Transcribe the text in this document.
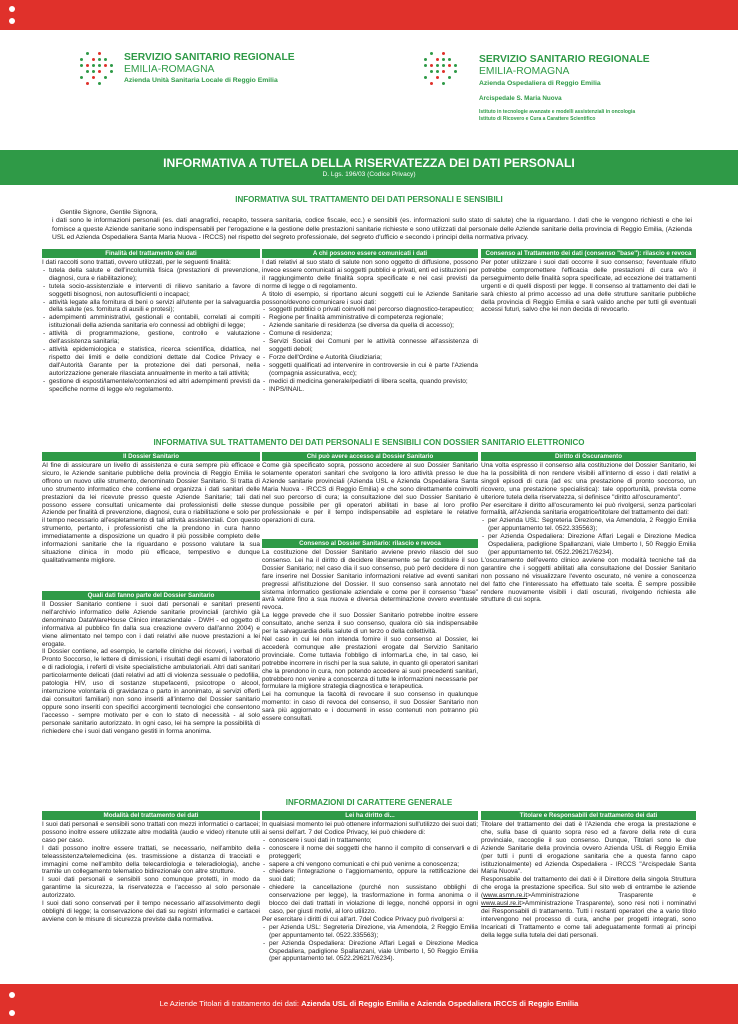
SERVIZIO SANITARIO REGIONALE
EMILIA-ROMAGNA
Azienda Unità Sanitaria Locale di Reggio Emilia
SERVIZIO SANITARIO REGIONALE
EMILIA-ROMAGNA
Azienda Ospedaliera di Reggio Emilia
Arcispedale S. Maria Nuova
Istituto in tecnologie avanzate e modelli assistenziali in oncologia
Istituto di Ricovero e Cura a Carattere Scientifico
INFORMATIVA A TUTELA DELLA RISERVATEZZA DEI DATI PERSONALI
D. Lgs. 196/03 (Codice Privacy)
INFORMATIVA SUL TRATTAMENTO DEI DATI PERSONALI E SENSIBILI
Gentile Signore, Gentile Signora,
i dati sono le informazioni personali (es. dati anagrafici, recapito, tessera sanitaria, codice fiscale, ecc.) e sensibili (es. informazioni sullo stato di salute) che la riguardano. I dati che le vengono richiesti e che lei fornisce a queste Aziende sanitarie sono indispensabili per l'erogazione e la gestione delle prestazioni sanitarie richieste e sono utilizzati dal personale delle Aziende sanitarie della provincia di Reggio Emilia, (Azienda USL ed Azienda Ospedaliera Santa Maria Nuova - IRCCS) nel rispetto del segreto professionale, del segreto d'ufficio e secondo i principi della normativa privacy.
Finalità del trattamento dei dati

I dati raccolti sono trattati, ovvero utilizzati, per le seguenti finalità:

- tutela della salute e dell'incolumità fisica (prestazioni di prevenzione, diagnosi, cura e riabilitazione);
- tutela socio-assistenziale e interventi di rilievo sanitario a favore di soggetti bisognosi, non autosufficienti o incapaci;
- attività legate alla fornitura di beni o servizi all'utente per la salvaguardia della salute (es. fornitura di ausili e protesi);
- adempimenti amministrativi, gestionali e contabili, correlati ai compiti istituzionali della azienda sanitaria e/o connessi ad obblighi di legge;
- attività di programmazione, gestione, controllo e valutazione dell'assistenza sanitaria;
- attività epidemiologica e statistica, ricerca scientifica, didattica, nel rispetto dei limiti e delle condizioni dettate dal Codice Privacy e dall'Autorità Garante per la protezione dei dati personali, nella autorizzazione generale rilasciata annualmente in merito a tali attività;
- gestione di esposti/lamentele/contenziosi ed altri adempimenti previsti da specifiche norme di legge e/o regolamento.
A chi possono essere comunicati i dati

I dati relativi al suo stato di salute non sono oggetto di diffusione, possono invece essere comunicati ai soggetti pubblici e privati, enti ed istituzioni per il raggiungimento delle finalità sopra specificate e nei casi previsti da norme di legge o di regolamento.

A titolo di esempio, si riportano alcuni soggetti cui le Aziende Sanitarie possono/devono comunicare i suoi dati:

- soggetti pubblici o privati coinvolti nel percorso diagnostico-terapeutico;
- Regione per finalità amministrative di competenza regionale;
- Aziende sanitarie di residenza (se diversa da quella di accesso);
- Comune di residenza;
- Servizi Sociali dei Comuni per le attività connesse all'assistenza di soggetti deboli;
- Forze dell'Ordine e Autorità Giudiziaria;
- soggetti qualificati ad intervenire in controversie in cui è parte l'Azienda (compagnia assicurativa, ecc);
- medici di medicina generale/pediatri di libera scelta, quando previsto;
- INPS/INAIL.
Consenso al Trattamento dei dati (consenso "base"): rilascio e revoca

Per poter utilizzare i suoi dati occorre il suo consenso; l'eventuale rifiuto potrebbe compromettere l'efficacia delle prestazioni di cura e/o il perseguimento delle finalità sopra specificate, ad eccezione dei trattamenti urgenti e di quelli disposti per legge. Il consenso al trattamento dei dati le sarà chiesto al primo accesso ad una delle strutture sanitarie pubbliche della provincia di Reggio Emilia e sarà valido anche per tutti gli eventuali accessi futuri, salvo che lei non decida di revocarlo.

INFORMATIVA SUL TRATTAMENTO DEI DATI PERSONALI E SENSIBILI CON DOSSIER SANITARIO ELETTRONICO
Il Dossier Sanitario

Al fine di assicurare un livello di assistenza e cura sempre più efficace e sicuro, le Aziende sanitarie pubbliche della provincia di Reggio Emilia le offrono un nuovo utile strumento, denominato Dossier Sanitario. Si tratta di uno strumento informatico che contiene ed organizza i dati sanitari delle prestazioni da lei ricevute presso queste Aziende Sanitarie; tali dati possono essere consultati unicamente dai professionisti delle stesse Aziende per finalità di prevenzione, diagnosi, cura o riabilitazione e solo per il tempo necessario all'espletamento di tali attività assistenziali. Con questo strumento, pertanto, i professionisti che la prendono in cura hanno immediatamente a disposizione un quadro il più possibile completo delle informazioni sanitarie che la riguardano e possono valutare la sua situazione clinica in modo più efficace, tempestivo e dunque qualitativamente migliore.

Quali dati fanno parte del Dossier Sanitario

Il Dossier Sanitario contiene i suoi dati personali e sanitari presenti nell'archivio informatico delle Aziende sanitarie provinciali (archivio già denominato DataWareHouse Clinico interaziendale - DWH - ed oggetto di informativa al pubblico fin dalla sua creazione ovvero dall'anno 2004) e viene alimentato nel tempo con i dati relativi alle nuove prestazioni a lei erogate.

Il Dossier contiene, ad esempio, le cartelle cliniche dei ricoveri, i verbali di Pronto Soccorso, le lettere di dimissioni, i risultati degli esami di laboratorio e di radiologia, i referti di visite specialistiche ambulatoriali. Altri dati sanitari particolarmente delicati (dati relativi ad atti di violenza sessuale o pedofilia, patologia HIV, uso di sostanze stupefacenti, psicotrope o alcool, interruzione volontaria di gravidanza o parto in anonimato, ai servizi offerti dai consultori familiari) non sono inseriti all'interno del Dossier sanitario oppure sono inseriti con specifici accorgimenti tecnologici che consentono l'accesso - sempre motivato per e con lo stato di necessità - al solo personale sanitario autorizzato. In ogni caso, lei ha sempre la possibilità di richiedere che i suoi dati vengano gestiti in forma anonima.

Chi può avere accesso al Dossier Sanitario

Come già specificato sopra, possono accedere al suo Dossier Sanitario solamente operatori sanitari che svolgono la loro attività presso le due Aziende sanitarie provinciali (Azienda USL e Azienda Ospedaliera Santa Maria Nuova - IRCCS di Reggio Emilia) e che sono direttamente coinvolti nel suo percorso di cura; la consultazione del suo Dossier Sanitario è dunque possibile per gli operatori abilitati in base al loro profilo professionale e per il tempo indispensabile ad espletare le relative operazioni di cura.

Consenso al Dossier Sanitario: rilascio e revoca

La costituzione del Dossier Sanitario avviene previo rilascio del suo consenso. Lei ha il diritto di decidere liberamente se far costituire il suo Dossier Sanitario; nel caso dia il suo consenso, può però decidere di non fare inserire nel Dossier Sanitario informazioni relative ad eventi sanitari pregressi all'istituzione del Dossier. Il suo consenso sarà annotato nel sistema informatico gestionale aziendale e come per il consenso "base" avrà valore fino a sua nuova e diversa determinazione ovvero eventuale revoca.

La legge prevede che il suo Dossier Sanitario potrebbe inoltre essere consultato, anche senza il suo consenso, qualora ciò sia indispensabile per la salvaguardia della salute di un terzo o della collettività.

Nel caso in cui lei non intenda fornire il suo consenso al Dossier, lei accederà comunque alle prestazioni erogate dal Servizio Sanitario provinciale. Come tuttavia l'obbligo di informarLa che, in tal caso, lei potrebbe incorrere in rischi per la sua salute, in quanto gli operatori sanitari che la prendono in cura, non potendo accedere ai suoi precedenti sanitari, potrebbero non venire a conoscenza di tutte le informazioni necessarie per formulare la migliore strategia diagnostica e terapeutica.

Lei ha comunque la facoltà di revocare il suo consenso in qualunque momento: in caso di revoca del consenso, il suo Dossier Sanitario non sarà più aggiornato e i documenti in esso contenuti non potranno più essere consultati.

Diritto di Oscuramento

Una volta espresso il consenso alla costituzione del Dossier Sanitario, lei ha la possibilità di non rendere visibili all'interno di esso i dati relativi a singoli episodi di cura (ad es: una prestazione di pronto soccorso, un ricovero, una prestazione specialistica): tale opportunità, prevista come ulteriore tutela della riservatezza, si definisce "diritto all'oscuramento".

Per esercitare il diritto all'oscuramento lei può rivolgersi, senza particolari formalità, all'Azienda sanitaria erogatrice/titolare del trattamento dei dati:

- per Azienda USL: Segreteria Direzione, via Amendola, 2 Reggio Emilia (per appuntamento tel. 0522.335563);
- per Azienda Ospedaliera: Direzione Affari Legali e Direzione Medica Ospedaliera, padiglione Spallanzani, viale Umberto I, 50 Reggio Emilia (per appuntamento tel. 0522.296217/6234).

L'oscuramento dell'evento clinico avviene con modalità tecniche tali da garantire che i soggetti abilitati alla consultazione del Dossier Sanitario non possano né visualizzare l'evento oscurato, né venire a conoscenza del fatto che l'interessato ha effettuato tale scelta. È sempre possibile rendere nuovamente visibili i dati oscurati, rivolgendo richiesta alle strutture di cui sopra.

INFORMAZIONI DI CARATTERE GENERALE
Modalità del trattamento dei dati

I suoi dati personali e sensibili sono trattati con mezzi informatici o cartacei; possono inoltre essere utilizzate altre modalità (audio e video) ritenute utili caso per caso.

I dati possono inoltre essere trattati, se necessario, nell'ambito della teleassistenza/telemedicina (es. trasmissione a distanza di tracciati e immagini come nell'ambito della telecardiologia e teleradiologia), anche tramite un collegamento telematico bidirezionale con altre strutture.

I suoi dati personali e sensibili sono comunque protetti, in modo da garantirne la sicurezza, la riservatezza e l'accesso al solo personale autorizzato.

I suoi dati sono conservati per il tempo necessario all'assolvimento degli obblighi di legge; la conservazione dei dati su registri informatici e cartacei avviene con le misure di sicurezza previste dalla normativa.

Lei ha diritto di...

In qualsiasi momento lei può ottenere informazioni sull'utilizzo dei suoi dati; ai sensi dell'art. 7 del Codice Privacy, lei può chiedere di:

- conoscere i suoi dati in trattamento;
- conoscere il nome dei soggetti che hanno il compito di conservarli e di proteggerli;
- sapere a chi vengono comunicati e chi può venirne a conoscenza;
- chiedere l'integrazione o l'aggiornamento, oppure la rettificazione dei suoi dati;
- chiedere la cancellazione (purché non sussistano obblighi di conservazione per legge), la trasformazione in forma anonima o il blocco dei dati trattati in violazione di legge, nonché opporsi in ogni caso, per giusti motivi, al loro utilizzo.

Per esercitare i diritti di cui all'art. 7del Codice Privacy può rivolgersi a:

- per Azienda USL: Segreteria Direzione, via Amendola, 2 Reggio Emilia (per appuntamento tel. 0522.335563);
- per Azienda Ospedaliera: Direzione Affari Legali e Direzione Medica Ospedaliera, padiglione Spallanzani, viale Umberto I, 50 Reggio Emilia (per appuntamento tel. 0522.296217/6234).
Titolare e Responsabili del trattamento dei dati

Titolare del trattamento dei dati è l'Azienda che eroga la prestazione e che, sulla base di quanto sopra reso ed a favore della rete di cura provinciale, raccoglie il suo consenso. Dunque, Titolari sono le due Aziende Sanitarie della provincia ovvero Azienda USL di Reggio Emilia (per tutti i punti di erogazione sanitaria che a questa fanno capo istituzionalmente) ed Azienda Ospedaliera - IRCCS "Arcispedale Santa Maria Nuova".

Responsabile del trattamento dei dati è il Direttore della singola Struttura che eroga la prestazione specifica. Sul sito web di entrambe le aziende (www.asmn.re.it>Amministrazione Trasparente e www.ausl.re.it>Amministrazione Trasparente), sono resi noti i nominativi dei Responsabili di trattamento. Tutti i restanti operatori che a vario titolo intervengono nel processo di cura, anche per progetti integrati, sono Incaricati di Trattamento e come tali adeguatamente formati ai principi della legge sulla tutela dei dati personali.

Le Aziende Titolari di trattamento dei dati: Azienda USL di Reggio Emilia e Azienda Ospedaliera IRCCS di Reggio Emilia
